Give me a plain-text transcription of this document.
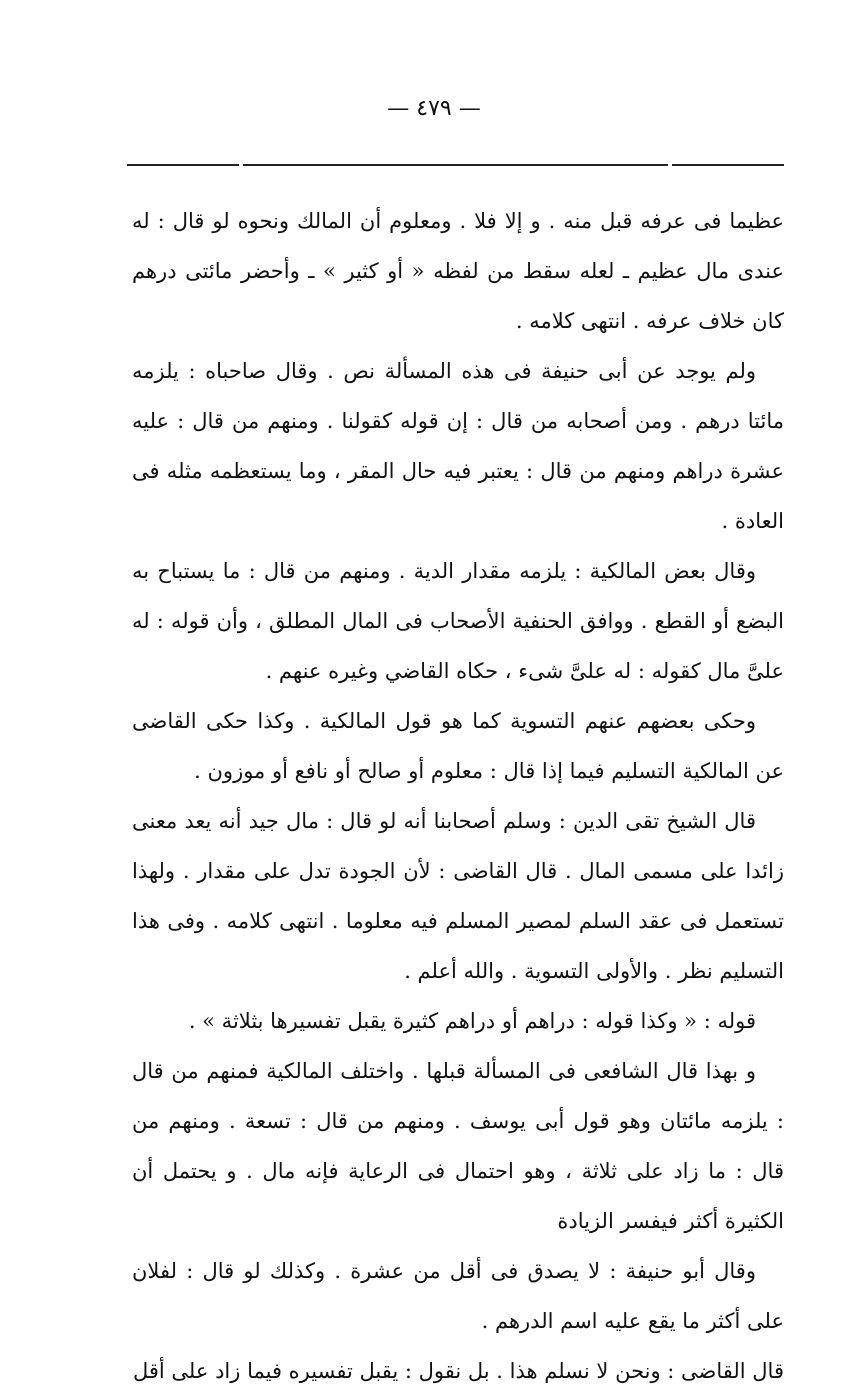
— ٤٧٩ —

عظيما فى عرفه قبل منه . و إلا فلا . ومعلوم أن المالك ونحوه لو قال : له عندى مال عظيم ـ لعله سقط من لفظه « أو كثير » ـ وأحضر مائتى درهم كان خلاف عرفه . انتهى كلامه .

ولم يوجد عن أبى حنيفة فى هذه المسألة نص . وقال صاحباه : يلزمه مائتا درهم . ومن أصحابه من قال : إن قوله كقولنا . ومنهم من قال : عليه عشرة دراهم ومنهم من قال : يعتبر فيه حال المقر ، وما يستعظمه مثله فى العادة .

وقال بعض المالكية : يلزمه مقدار الدية . ومنهم من قال : ما يستباح به البضع أو القطع . ووافق الحنفية الأصحاب فى المال المطلق ، وأن قوله : له علىَّ مال كقوله : له علىَّ شىء ، حكاه القاضي وغيره عنهم .

وحكى بعضهم عنهم التسوية كما هو قول المالكية . وكذا حكى القاضى عن المالكية التسليم فيما إذا قال : معلوم أو صالح أو نافع أو موزون .

قال الشيخ تقى الدين : وسلم أصحابنا أنه لو قال : مال جيد أنه يعد معنى زائدا على مسمى المال . قال القاضى : لأن الجودة تدل على مقدار . ولهذا تستعمل فى عقد السلم لمصير المسلم فيه معلوما . انتهى كلامه . وفى هذا التسليم نظر . والأولى التسوية . والله أعلم .

قوله : « وكذا قوله : دراهم أو دراهم كثيرة يقبل تفسيرها بثلاثة » .

و بهذا قال الشافعى فى المسألة قبلها . واختلف المالكية فمنهم من قال : يلزمه مائتان وهو قول أبى يوسف . ومنهم من قال : تسعة . ومنهم من قال : ما زاد على ثلاثة ، وهو احتمال فى الرعاية فإنه مال . و يحتمل أن الكثيرة أكثر فيفسر الزيادة

وقال أبو حنيفة : لا يصدق فى أقل من عشرة . وكذلك لو قال : لفلان على أكثر ما يقع عليه اسم الدرهم .

قال القاضى : ونحن لا نسلم هذا . بل نقول : يقبل تفسيره فيما زاد على أقل
